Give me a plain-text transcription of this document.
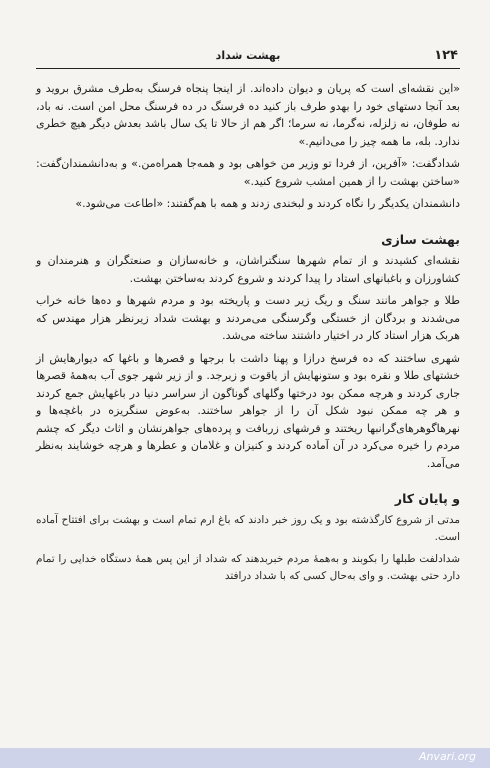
۱۲۴
بهشت شداد

«این نقشه‌ای است که پریان و دیوان داده‌اند. از اینجا پنجاه فرسنگ به‌طرف مشرق بروید و بعد آنجا دستهای خود را بهدو طرف باز کنید ده فرسنگ در ده فرسنگ محل امن است. نه باد، نه طوفان، نه زلزله، نه‌گرما، نه سرما؛ اگر هم از حالا تا یک سال باشد بعدش دیگر هیچ خطری ندارد. بله، ما همه چیز را می‌دانیم.»

شدادگفت: «آفرین، از فردا تو وزیر من خواهی بود و همه‌جا همراه‌من.» و به‌دانشمندان‌گفت: «ساختن بهشت را از همین امشب شروع کنید.»

دانشمندان یکدیگر را نگاه کردند و لبخندی زدند و همه با هم‌گفتند: «اطاعت می‌شود.»

بهشت سازی

نقشه‌ای کشیدند و از تمام شهرها سنگتراشان، و خانه‌سازان و صنعتگران و هنرمندان و کشاورزان و باغبانهای استاد را پیدا کردند و شروع کردند به‌ساختن بهشت.

طلا و جواهر مانند سنگ و ریگ زیر دست و پاریخته بود و مردم شهرها و ده‌ها خانه خراب می‌شدند و بردگان از خستگی وگرسنگی می‌مردند و بهشت شداد زیرنظر هزار مهندس که هربک هزار استاد کار در اختیار داشتند ساخته می‌شد.

شهری ساختند که ده فرسخ درازا و پهنا داشت با برجها و قصرها و باغها که دیوارهایش از خشتهای طلا و نقره بود و ستونهایش از یاقوت و زبرجد. و از زیر شهر جوی آب به‌همهٔ قصرها جاری کردند و هرچه ممکن بود درختها وگلهای گوناگون از سراسر دنیا در باغهایش جمع کردند و هر چه ممکن نبود شکل آن را از جواهر ساختند. به‌عوض سنگریزه در باغچه‌ها و نهرهاگوهرهای‌گرانبها ریختند و فرشهای زربافت و پرده‌های جواهرنشان و اثاث دیگر که چشم مردم را خیره می‌کرد در آن آماده کردند و کنیزان و غلامان و عطرها و هرچه خوشایند به‌نظر می‌آمد.

و پایان کار

مدتی از شروع کارگذشته بود و یک روز خبر دادند که باغ ارم تمام است و بهشت برای افتتاح آماده است.

شدادلفت طبلها را بکوبند و به‌همهٔ مردم خبربدهند که شداد از این پس همهٔ دستگاه خدایی را تمام دارد حتی بهشت. و وای به‌حال کسی که با شداد درافتد

Anvari.org
